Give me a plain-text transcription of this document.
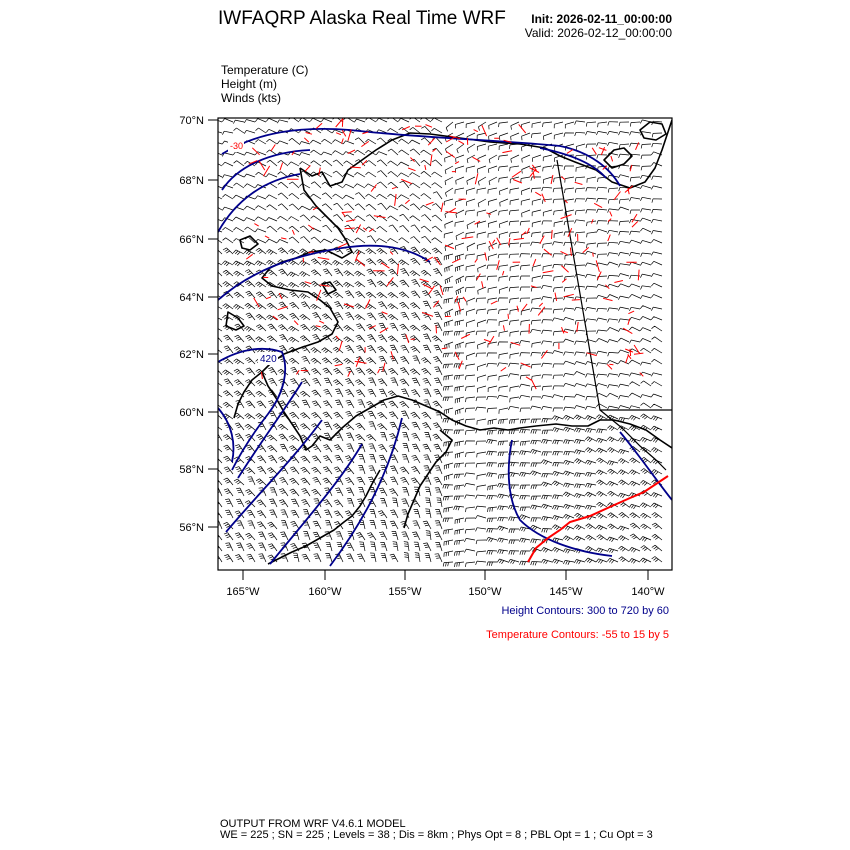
IWFAQRP Alaska Real Time WRF Init: 2026-02-11_00:00:00
Valid: 2026-02-12_00:00:00
Temperature (C)
Height (m)
Winds (kts)
-30
420
70°N
68°N
66°N
64°N
62°N
60°N
58°N
56°N
165°W	160°W	155°W	150°W	145°W	140°W
Height Contours: 300 to 720 by 60
Temperature Contours: -55 to 15 by 5
OUTPUT FROM WRF V4.6.1 MODEL
WE = 225 ; SN = 225 ; Levels = 38 ; Dis = 8km ; Phys Opt = 8 ; PBL Opt = 1 ; Cu Opt = 3
